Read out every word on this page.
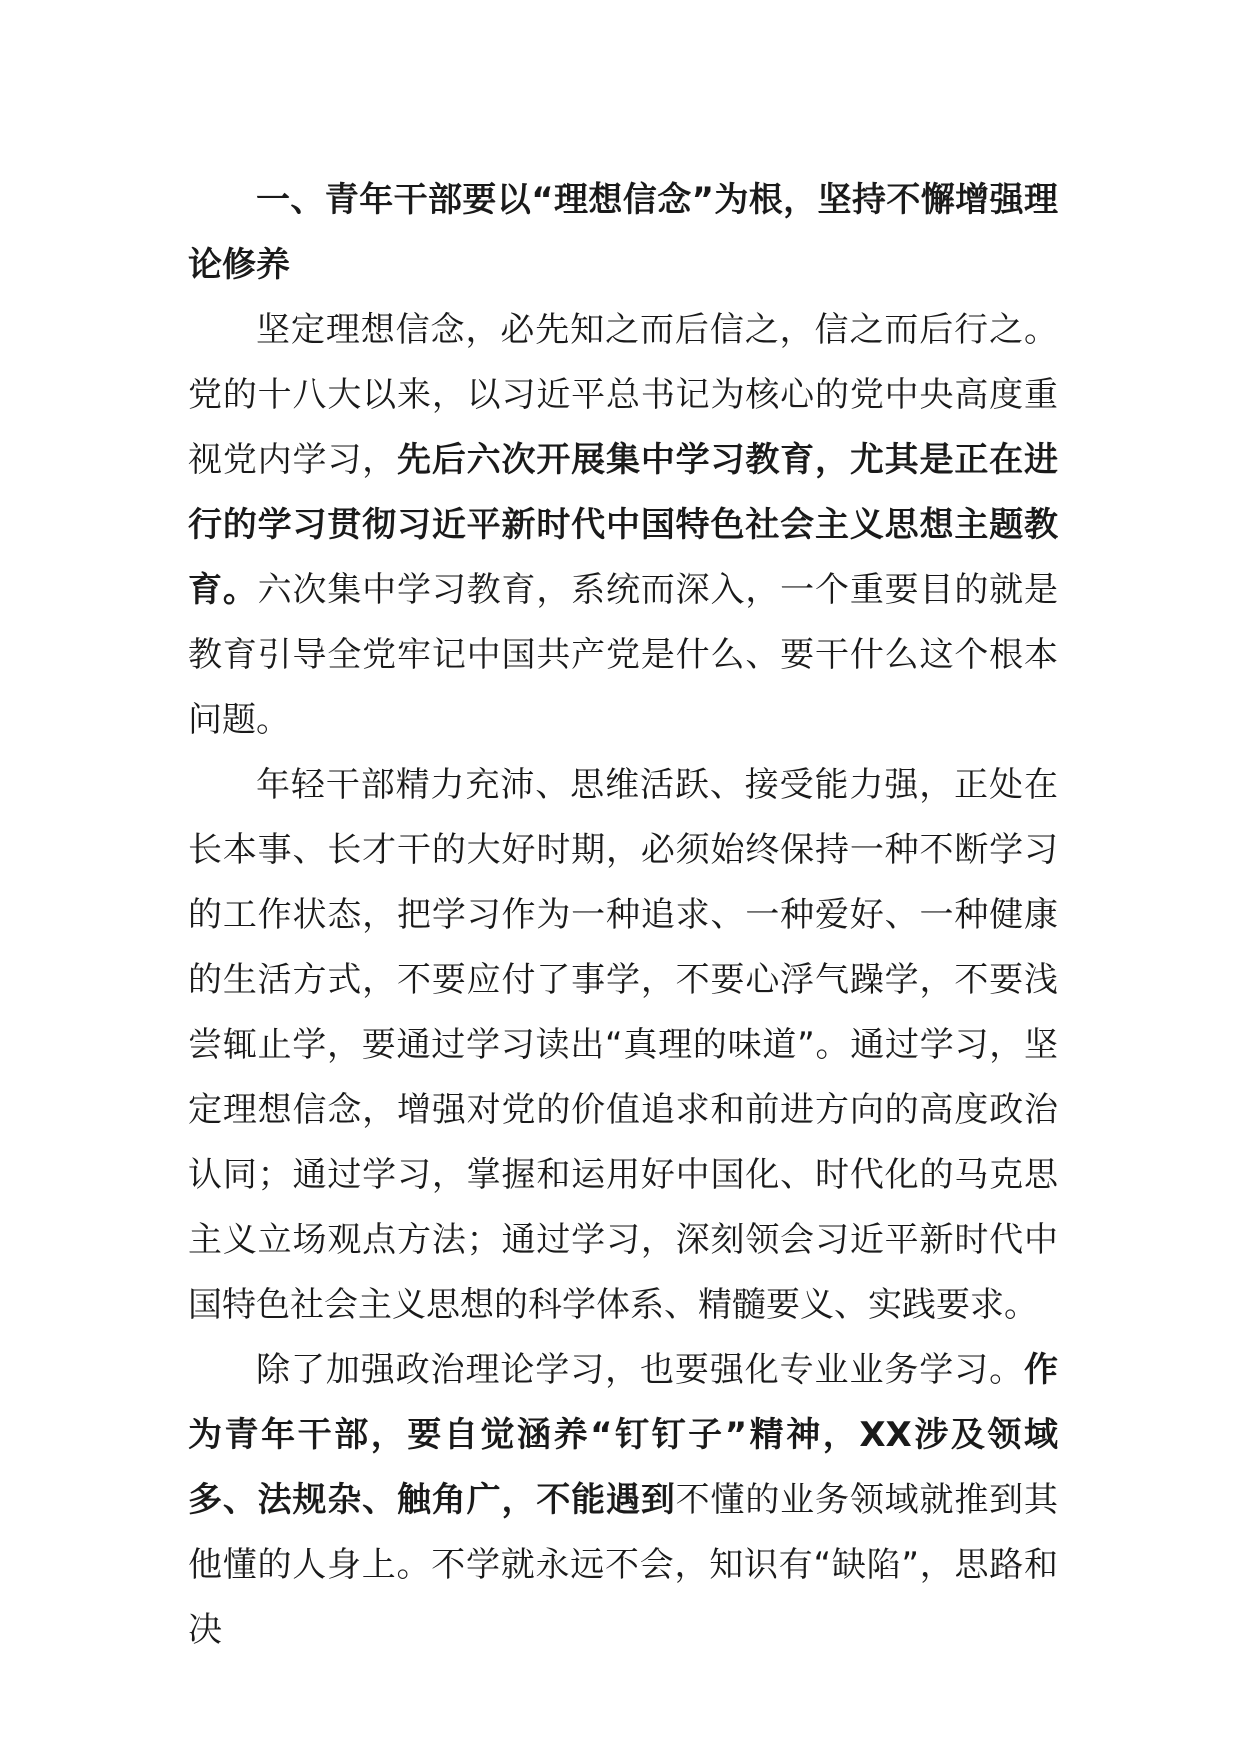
一、青年干部要以“理想信念”为根，坚持不懈增强理论修养

坚定理想信念，必先知之而后信之，信之而后行之。党的十八大以来，以习近平总书记为核心的党中央高度重视党内学习，先后六次开展集中学习教育，尤其是正在进行的学习贯彻习近平新时代中国特色社会主义思想主题教育。六次集中学习教育，系统而深入，一个重要目的就是教育引导全党牢记中国共产党是什么、要干什么这个根本问题。

年轻干部精力充沛、思维活跃、接受能力强，正处在长本事、长才干的大好时期，必须始终保持一种不断学习的工作状态，把学习作为一种追求、一种爱好、一种健康的生活方式，不要应付了事学，不要心浮气躁学，不要浅尝辄止学，要通过学习读出“真理的味道”。通过学习，坚定理想信念，增强对党的价值追求和前进方向的高度政治认同；通过学习，掌握和运用好中国化、时代化的马克思主义立场观点方法；通过学习，深刻领会习近平新时代中国特色社会主义思想的科学体系、精髓要义、实践要求。

除了加强政治理论学习，也要强化专业业务学习。作为青年干部，要自觉涵养“钉钉子”精神，XX涉及领域多、法规杂、触角广，不能遇到不懂的业务领域就推到其他懂的人身上。不学就永远不会，知识有“缺陷”，思路和决
